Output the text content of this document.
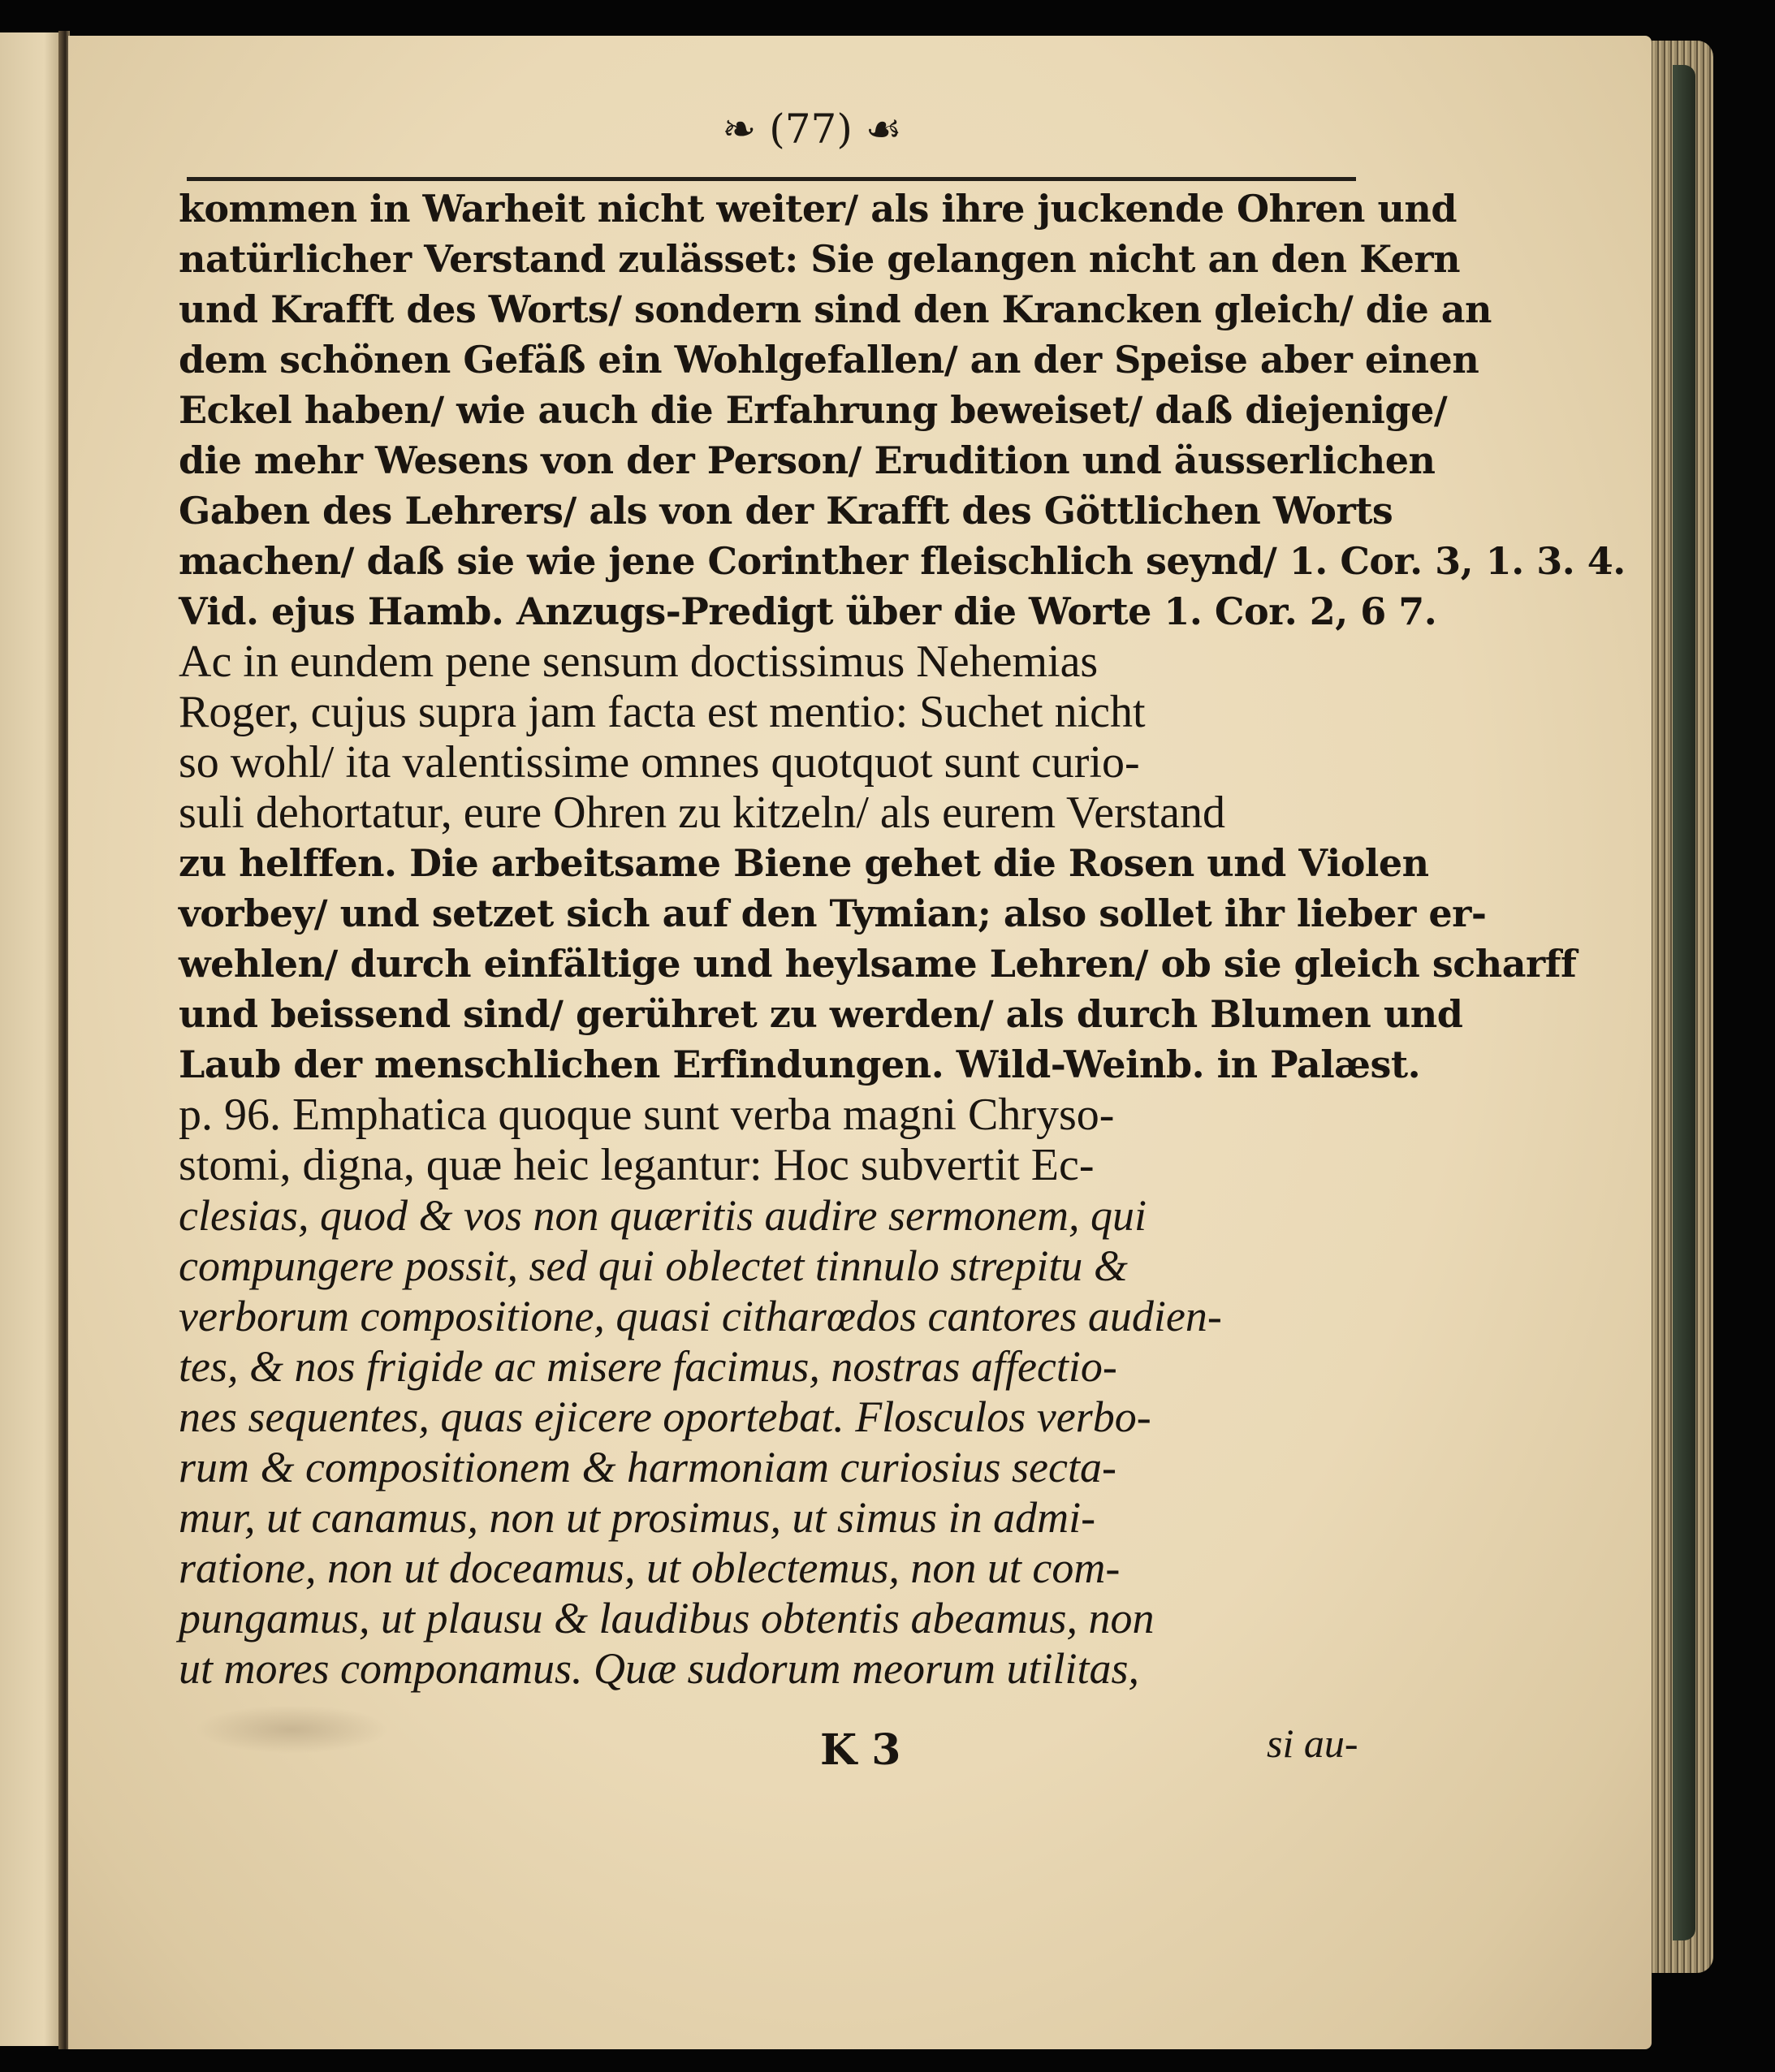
❧ (77) ☙
kommen in Warheit nicht weiter/ als ihre juckende Ohren und
natürlicher Verstand zulässet: Sie gelangen nicht an den Kern
und Krafft des Worts/ sondern sind den Krancken gleich/ die an
dem schönen Gefäß ein Wohlgefallen/ an der Speise aber einen
Eckel haben/ wie auch die Erfahrung beweiset/ daß diejenige/
die mehr Wesens von der Person/ Erudition und äusserlichen
Gaben des Lehrers/ als von der Krafft des Göttlichen Worts
machen/ daß sie wie jene Corinther fleischlich seynd/ 1. Cor. 3, 1. 3. 4.
Vid. ejus Hamb. Anzugs-Predigt über die Worte 1. Cor. 2, 6 7.
Ac in eundem pene sensum doctissimus Nehemias
Roger, cujus supra jam facta est mentio: Suchet nicht
so wohl/ ita valentissime omnes quotquot sunt curio-
suli dehortatur, eure Ohren zu kitzeln/ als eurem Verstand
zu helffen. Die arbeitsame Biene gehet die Rosen und Violen
vorbey/ und setzet sich auf den Tymian; also sollet ihr lieber er-
wehlen/ durch einfältige und heylsame Lehren/ ob sie gleich scharff
und beissend sind/ gerühret zu werden/ als durch Blumen und
Laub der menschlichen Erfindungen. Wild-Weinb. in Palæst.
p. 96. Emphatica quoque sunt verba magni Chryso-
stomi, digna, quæ heic legantur: Hoc subvertit Ec-
clesias, quod & vos non quæritis audire sermonem, qui
compungere possit, sed qui oblectet tinnulo strepitu &
verborum compositione, quasi citharœdos cantores audien-
tes, & nos frigide ac misere facimus, nostras affectio-
nes sequentes, quas ejicere oportebat. Flosculos verbo-
rum & compositionem & harmoniam curiosius secta-
mur, ut canamus, non ut prosimus, ut simus in admi-
ratione, non ut doceamus, ut oblectemus, non ut com-
pungamus, ut plausu & laudibus obtentis abeamus, non
ut mores componamus. Quæ sudorum meorum utilitas,
K 3	si au-
